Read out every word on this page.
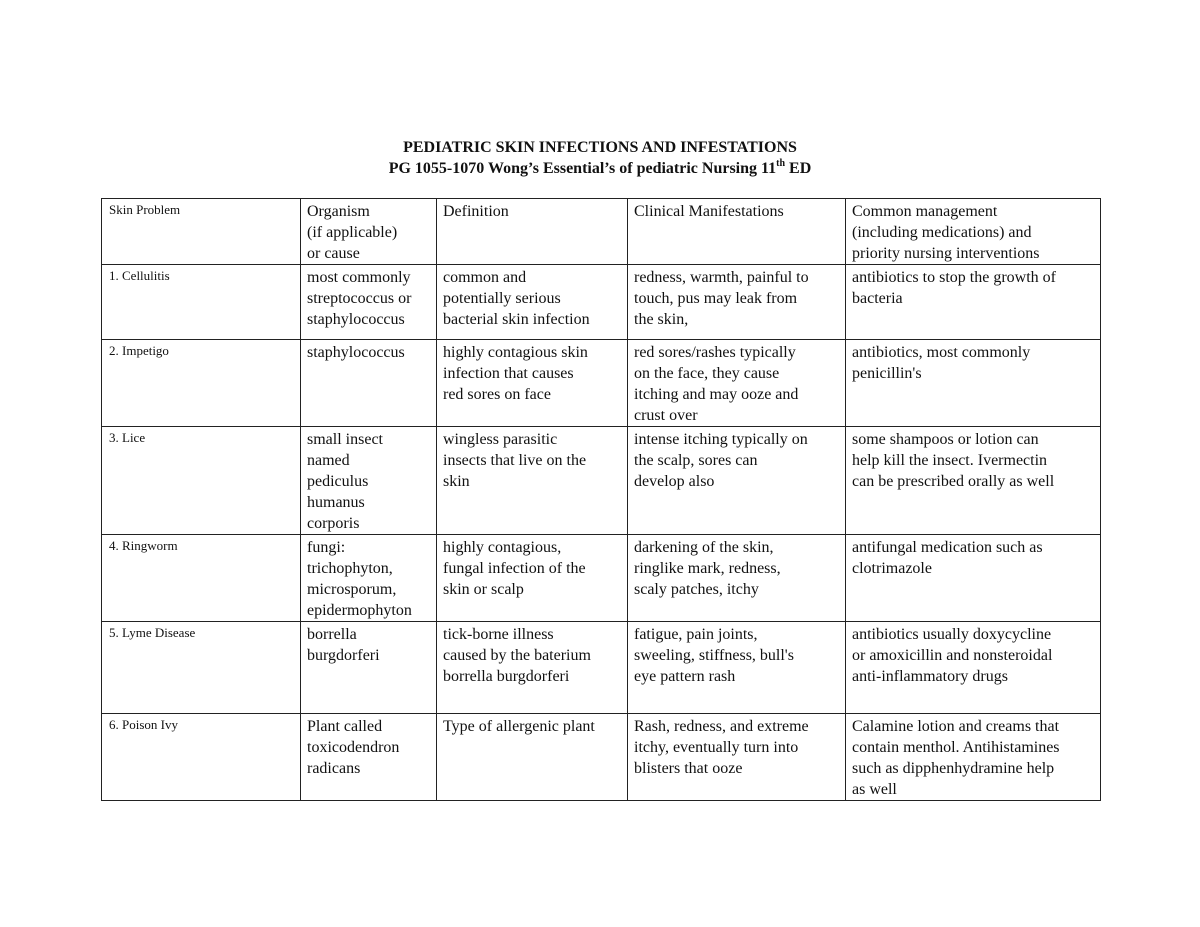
PEDIATRIC SKIN INFECTIONS AND INFESTATIONS
PG 1055-1070 Wong’s Essential’s of pediatric Nursing 11th ED
Skin Problem	Organism
(if applicable)
or cause	Definition	Clinical Manifestations	Common management
(including medications) and
priority nursing interventions

1. Cellulitis	most commonly
streptococcus or
staphylococcus	common and
potentially serious
bacterial skin infection	redness, warmth, painful to
touch, pus may leak from
the skin,	antibiotics to stop the growth of
bacteria

2. Impetigo	staphylococcus	highly contagious skin
infection that causes
red sores on face	red sores/rashes typically
on the face, they cause
itching and may ooze and
crust over	antibiotics, most commonly
penicillin's

3. Lice	small insect
named
pediculus
humanus
corporis	wingless parasitic
insects that live on the
skin	intense itching typically on
the scalp, sores can
develop also	some shampoos or lotion can
help kill the insect. Ivermectin
can be prescribed orally as well

4. Ringworm	fungi:
trichophyton,
microsporum,
epidermophyton	highly contagious,
fungal infection of the
skin or scalp	darkening of the skin,
ringlike mark, redness,
scaly patches, itchy	antifungal medication such as
clotrimazole

5. Lyme Disease	borrella
burgdorferi	tick-borne illness
caused by the baterium
borrella burgdorferi	fatigue, pain joints,
sweeling, stiffness, bull's
eye pattern rash	antibiotics usually doxycycline
or amoxicillin and nonsteroidal
anti-inflammatory drugs

6. Poison Ivy	Plant called
toxicodendron
radicans	Type of allergenic plant	Rash, redness, and extreme
itchy, eventually turn into
blisters that ooze	Calamine lotion and creams that
contain menthol. Antihistamines
such as dipphenhydramine help
as well
